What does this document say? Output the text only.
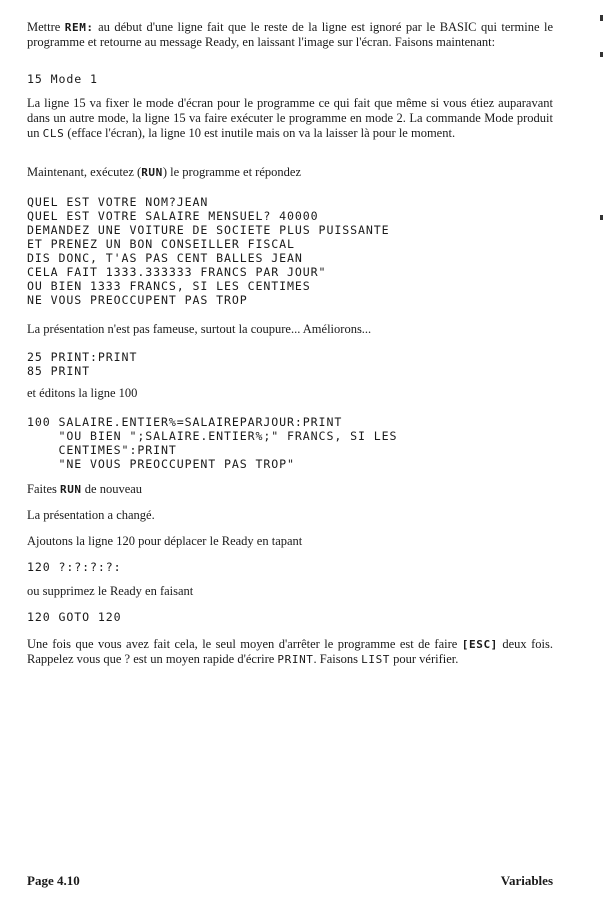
Mettre REM: au début d'une ligne fait que le reste de la ligne est ignoré par le BASIC qui termine le programme et retourne au message Ready, en laissant l'image sur l'écran. Faisons maintenant:
15 Mode 1
La ligne 15 va fixer le mode d'écran pour le programme ce qui fait que même si vous étiez auparavant dans un autre mode, la ligne 15 va faire exécuter le programme en mode 2. La commande Mode produit un CLS (efface l'écran), la ligne 10 est inutile mais on va la laisser là pour le moment.
Maintenant, exécutez (RUN) le programme et répondez
QUEL EST VOTRE NOM?JEAN
QUEL EST VOTRE SALAIRE MENSUEL? 40000
DEMANDEZ UNE VOITURE DE SOCIETE PLUS PUISSANTE
ET PRENEZ UN BON CONSEILLER FISCAL
DIS DONC, T'AS PAS CENT BALLES JEAN
CELA FAIT 1333.333333 FRANCS PAR JOUR"
OU BIEN 1333 FRANCS, SI LES CENTIMES
NE VOUS PREOCCUPENT PAS TROP
La présentation n'est pas fameuse, surtout la coupure... Améliorons...
25 PRINT:PRINT
85 PRINT
et éditons la ligne 100
100 SALAIRE.ENTIER%=SALAIREPARJOUR:PRINT
"OU BIEN ";SALAIRE.ENTIER%;" FRANCS, SI LES
CENTIMES":PRINT
"NE VOUS PREOCCUPENT PAS TROP"
Faites RUN de nouveau
La présentation a changé.
Ajoutons la ligne 120 pour déplacer le Ready en tapant
120 ?:?:?:?:
ou supprimez le Ready en faisant
120 GOTO 120
Une fois que vous avez fait cela, le seul moyen d'arrêter le programme est de faire [ESC] deux fois. Rappelez vous que ? est un moyen rapide d'écrire PRINT. Faisons LIST pour vérifier.
Page 4.10	Variables
